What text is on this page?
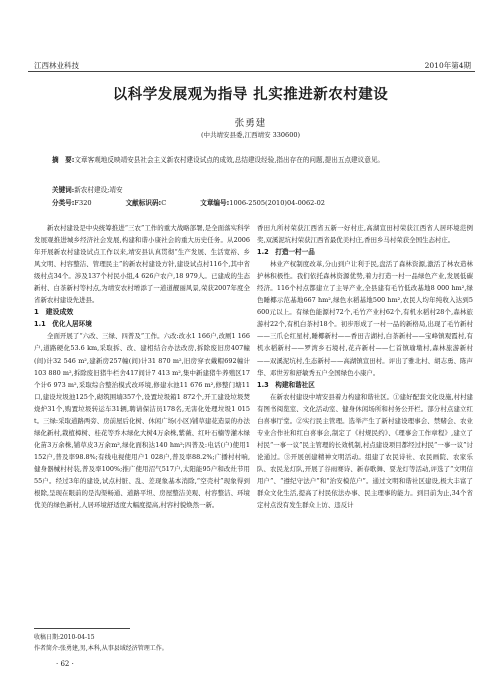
江西林业科技	2010年第4期
以科学发展观为指导 扎实推进新农村建设
张勇建
(中共靖安县委,江西靖安 330600)
摘　要:文章客观地反映靖安县社会主义新农村建设试点的成效,总结建设经验,指出存在的问题,提出五点建议意见。
关键词:新农村建设;靖安
分类号:F320	文献标识码:C	文章编号:1006-2505(2010)04-0062-02

新农村建设是中央统筹推进“三农”工作的重大战略部署,是全面落实科学发展观推进城乡经济社会发展,构建和谐小康社会的重大历史任务。从2006年开展新农村建设试点工作以来,靖安县认真贯彻“生产发展、生活宽裕、乡风文明、村容整洁、管理民主”的新农村建设方针,建设试点村116个,其中省级村点34个。涉及137个村民小组,4 626户农户,18 979人。已建成的生态新村、白茶新村等村点,为靖安农村增添了一道道靓丽风景,荣获2007年度全省新农村建设先进县。

1　建设成效
1.1　优化人居环境

全面开展了“六改、三绿、四普及”工作。六改:改水1 166户,改厕1 166户,道路硬化53.6 km,采取拆、改、建相结合办法改房,拆除废旧房407幢(间)计32 546 m²,建新房257幢(间)计31 870 m²,旧房穿衣戴帽692幢计103 880 m²,拆除废旧猪牛栏舍417间计7 413 m²,集中新建猪牛养殖区17个计6 973 m²,采取综合整治模式改环境,修建水池11 676 m²,修整门塘11口,建设垃圾池125个,砌筑围墙357个,设置垃圾箱1 872个,开工建设垃圾焚烧炉31个,购置垃圾转运车31辆,聘请保洁员178名,无害化处理垃圾1 015 t。三绿:采取道路两旁、房前屋后化树、休闲广场(小区)铺草建花造景的办法绿化新村,栽植樟树、桂花等乔木绿化大树4万余株,紫薇、红叶石楠等灌木绿化苗3万余株,铺草皮3万余m²,绿化面积达140 hm²;四普及:电话(户)使用1 152户,普及率98.8%;有线电视使用户1 028户,普及率88.2%;广播村村响,健身器械村村装,普及率100%;推广使用沼气517户,太阳能95户和改灶节用55户。经过3年的建设,试点村脏、乱、差现象基本消除,“空壳村”现象得到根除,呈现在眼前的是沟渠畅通、道路平坦、房屋整洁美观、村容整洁、环境优美的绿色新村,人居环境舒适度大幅度提高,村容村貌焕然一新。

香田九所村荣获江西省五新一好村庄,高湖宣田村荣获江西省人居环境范例奖,双溪泥坑村荣获江西省最优美村庄,香田乡马村荣获全国生态村庄。

1.2　打造一村一品

林业产权制度改革,分山到户让利于民,盘活了森林资源,激活了林农造林护林积极性。我们依托森林资源优势,着力打造一村一品绿色产业,发展低碳经济。116个村点都建立了主导产业,全县建有毛竹低改基地8 000 hm²,绿色睡椰示范基地667 hm²,绿色水稻基地500 hm²,农民人均年纯收入达到5 600元以上。有绿色能源村72个,毛竹产业村62个,有机水稻村28个,森林旅游村22个,有机白茶村18个。初步形成了一村一品的新格局,出现了毛竹新村——三爪仑红星村,睡椰新村——香田吉湖村,白茶新村——宝峰镇观霞村,有机水稻新村——罗湾乡石境村,花卉新村——仁首镇瑜墩村,森林旅游新村——双溪泥坑村,生态新村——高湖镇宣田村。评出了雅北村、胡志勇、陈声华、邓世芳和舒敏秀五户全国绿色小康户。

1.3　构建和谐社区

在新农村建设中靖安县着力构建和谐社区。①建好配套文化设施,村村建有图书阅览室、文化活动室、健身休闲场所和村务公开栏。部分村点建立红白喜事厅堂。②实行民主管理。选举产生了新村建设理事会、禁赌会、农业专业合作社和红白喜事会,制定了《村规民约》、《理事会工作章程》,建立了村民“一事一议”民主管理的长效机制,村点建设项目都经过村民“一事一议”讨论通过。③开展创建精神文明活动。组建了农民诗社、农民画院、农家乐队、农民龙灯队,开展了谷雨赛诗、新春歌舞、耍龙灯等活动,评选了“文明信用户”、“遵纪守法户”和“治安模范户”。通过文明和谐社区建设,极大丰富了群众文化生活,提高了村民依法办事、民主理事的能力。到目前为止,34个省定村点没有发生群众上访、违反计

收稿日期:2010-04-15
作者简介:张勇建,男,本科,从事县域经济管理工作。
· 62 ·
